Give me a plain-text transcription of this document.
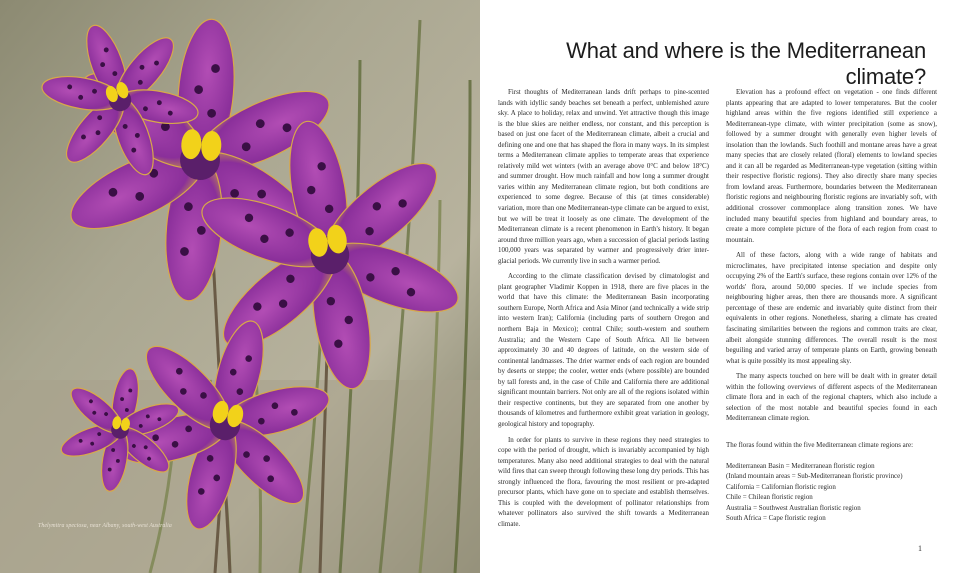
Thelymitra speciosa, near Albany, south-west Australia
What and where is the Mediterranean climate?

First thoughts of Mediterranean lands drift perhaps to pine-scented lands with idyllic sandy beaches set beneath a perfect, unblemished azure sky. A place to holiday, relax and unwind. Yet attractive though this image is the blue skies are neither endless, nor constant, and this perception is based on just one facet of the Mediterranean climate, albeit a crucial and defining one and one that has shaped the flora in many ways. In its simplest terms a Mediterranean climate applies to temperate areas that experience relatively mild wet winters (with an average above 0°C and below 18°C) and summer drought. How much rainfall and how long a summer drought varies within any Mediterranean climate region, but both conditions are experienced to some degree. Because of this (at times considerable) variation, more than one Mediterranean-type climate can be argued to exist, but we will be treat it loosely as one climate. The development of the Mediterranean climate is a recent phenomenon in Earth's history. It began around three million years ago, when a succession of glacial periods lasting 100,000 years was separated by warmer and progressively drier inter-glacial periods. We currently live in such a warmer period.

According to the climate classification devised by climatologist and plant geographer Vladimir Koppen in 1918, there are five places in the world that have this climate: the Mediterranean Basin incorporating southern Europe, North Africa and Asia Minor (and technically a wide strip into western Iran); California (including parts of southern Oregon and northern Baja in Mexico); central Chile; south-western and southern Australia; and the Western Cape of South Africa. All lie between approximately 30 and 40 degrees of latitude, on the western side of continental landmasses. The drier warmer ends of each region are bounded by deserts or steppe; the cooler, wetter ends (where possible) are bounded by tall forests and, in the case of Chile and California there are additional significant mountain barriers. Not only are all of the regions isolated within their respective continents, but they are separated from one another by thousands of kilometres and furthermore exhibit great variation in geology, geological history and topography.

In order for plants to survive in these regions they need strategies to cope with the period of drought, which is invariably accompanied by high temperatures. Many also need additional strategies to deal with the natural wild fires that can sweep through following these long dry periods. This has strongly influenced the flora, favouring the most resilient or pre-adapted precursor plants, which have gone on to speciate and establish themselves. This is coupled with the development of pollinator relationships from whatever pollinators also survived the shift towards a Mediterranean climate.

Elevation has a profound effect on vegetation - one finds different plants appearing that are adapted to lower temperatures. But the cooler highland areas within the five regions identified still experience a Mediterranean-type climate, with winter precipitation (some as snow), followed by a summer drought with generally even higher levels of insolation than the lowlands. Such foothill and montane areas have a great many species that are closely related (floral) elements to lowland species and it can all be regarded as Mediterranean-type vegetation (sitting within their respective floristic regions). They also directly share many species from lowland areas. Furthermore, boundaries between the Mediterranean floristic regions and neighbouring floristic regions are invariably soft, with additional crossover commonplace along transition zones. We have included many beautiful species from highland and boundary areas, to create a more complete picture of the flora of each region from coast to mountain.

All of these factors, along with a wide range of habitats and microclimates, have precipitated intense speciation and despite only occupying 2% of the Earth's surface, these regions contain over 12% of the worlds' flora, around 50,000 species. If we include species from neighbouring higher areas, then there are thousands more. A significant percentage of these are endemic and invariably quite distinct from their equivalents in other regions. Nonetheless, sharing a climate has created fascinating similarities between the regions and common traits are clear, albeit alongside stunning differences. The overall result is the most beguiling and varied array of temperate plants on Earth, growing beneath what is quite possibly its most appealing sky.

The many aspects touched on here will be dealt with in greater detail within the following overviews of different aspects of the Mediterranean climate flora and in each of the regional chapters, which also include a selection of the most notable and beautiful species found in each Mediterranean climate region.

The floras found within the five Mediterranean climate regions are:

Mediterranean Basin = Mediterranean floristic region
(Inland mountain areas = Sub-Mediterranean floristic province)
California = Californian floristic region
Chile = Chilean floristic region
Australia = Southwest Australian floristic region
South Africa = Cape floristic region
1
